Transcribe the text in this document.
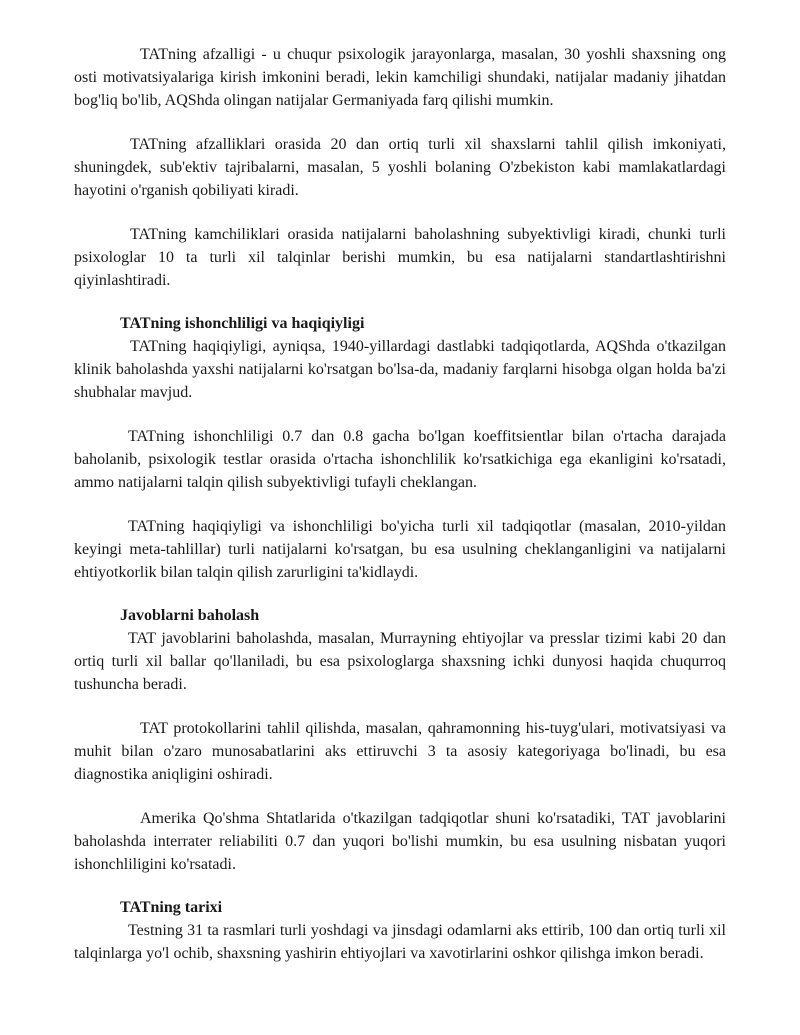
TATning afzalligi - u chuqur psixologik jarayonlarga, masalan, 30 yoshli shaxsning ong osti motivatsiyalariga kirish imkonini beradi, lekin kamchiligi shundaki, natijalar madaniy jihatdan bog'liq bo'lib, AQShda olingan natijalar Germaniyada farq qilishi mumkin.

TATning afzalliklari orasida 20 dan ortiq turli xil shaxslarni tahlil qilish imkoniyati, shuningdek, sub'ektiv tajribalarni, masalan, 5 yoshli bolaning O'zbekiston kabi mamlakatlardagi hayotini o'rganish qobiliyati kiradi.

TATning kamchiliklari orasida natijalarni baholashning subyektivligi kiradi, chunki turli psixologlar 10 ta turli xil talqinlar berishi mumkin, bu esa natijalarni standartlashtirishni qiyinlashtiradi.

TATning ishonchliligi va haqiqiyligi

TATning haqiqiyligi, ayniqsa, 1940-yillardagi dastlabki tadqiqotlarda, AQShda o'tkazilgan klinik baholashda yaxshi natijalarni ko'rsatgan bo'lsa-da, madaniy farqlarni hisobga olgan holda ba'zi shubhalar mavjud.

TATning ishonchliligi 0.7 dan 0.8 gacha bo'lgan koeffitsientlar bilan o'rtacha darajada baholanib, psixologik testlar orasida o'rtacha ishonchlilik ko'rsatkichiga ega ekanligini ko'rsatadi, ammo natijalarni talqin qilish subyektivligi tufayli cheklangan.

TATning haqiqiyligi va ishonchliligi bo'yicha turli xil tadqiqotlar (masalan, 2010-yildan keyingi meta-tahlillar) turli natijalarni ko'rsatgan, bu esa usulning cheklanganligini va natijalarni ehtiyotkorlik bilan talqin qilish zarurligini ta'kidlaydi.

Javoblarni baholash

TAT javoblarini baholashda, masalan, Murrayning ehtiyojlar va presslar tizimi kabi 20 dan ortiq turli xil ballar qo'llaniladi, bu esa psixologlarga shaxsning ichki dunyosi haqida chuqurroq tushuncha beradi.

TAT protokollarini tahlil qilishda, masalan, qahramonning his-tuyg'ulari, motivatsiyasi va muhit bilan o'zaro munosabatlarini aks ettiruvchi 3 ta asosiy kategoriyaga bo'linadi, bu esa diagnostika aniqligini oshiradi.

Amerika Qo'shma Shtatlarida o'tkazilgan tadqiqotlar shuni ko'rsatadiki, TAT javoblarini baholashda interrater reliabiliti 0.7 dan yuqori bo'lishi mumkin, bu esa usulning nisbatan yuqori ishonchliligini ko'rsatadi.

TATning tarixi

Testning 31 ta rasmlari turli yoshdagi va jinsdagi odamlarni aks ettirib, 100 dan ortiq turli xil talqinlarga yo'l ochib, shaxsning yashirin ehtiyojlari va xavotirlarini oshkor qilishga imkon beradi.
